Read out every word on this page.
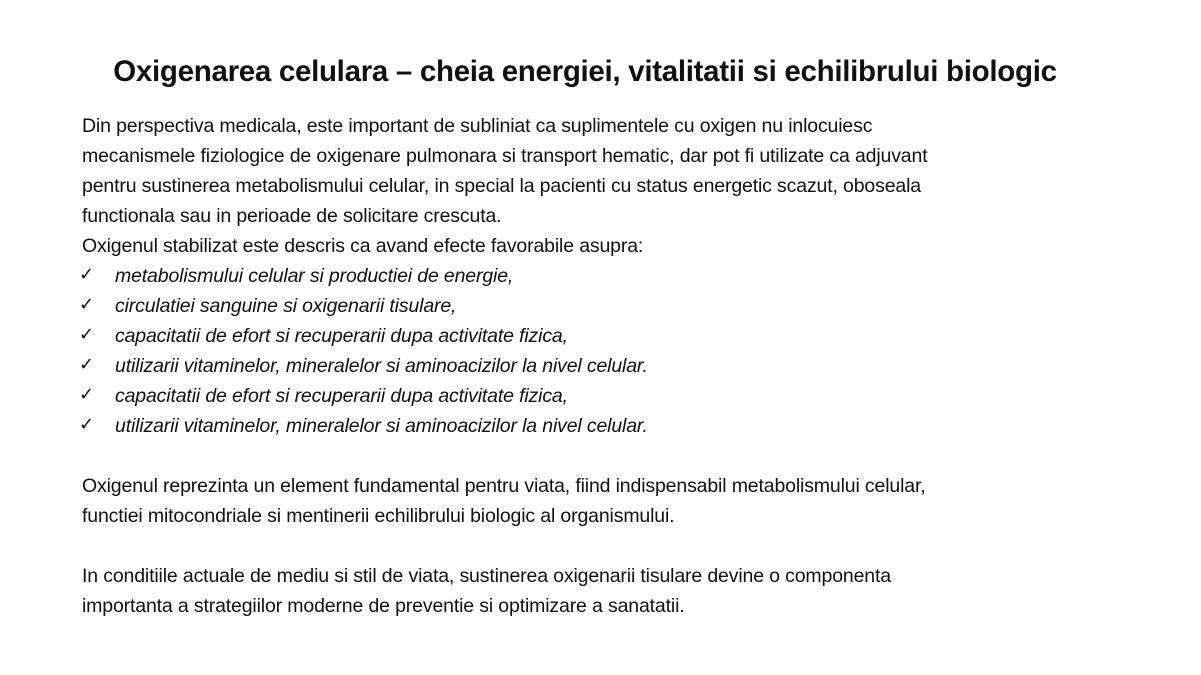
Oxigenarea celulara – cheia energiei, vitalitatii si echilibrului biologic

Din perspectiva medicala, este important de subliniat ca suplimentele cu oxigen nu inlocuiesc
mecanismele fiziologice de oxigenare pulmonara si transport hematic, dar pot fi utilizate ca adjuvant
pentru sustinerea metabolismului celular, in special la pacienti cu status energetic scazut, oboseala
functionala sau in perioade de solicitare crescuta.
Oxigenul stabilizat este descris ca avand efecte favorabile asupra:

✓ metabolismului celular si productiei de energie,
✓ circulatiei sanguine si oxigenarii tisulare,
✓ capacitatii de efort si recuperarii dupa activitate fizica,
✓ utilizarii vitaminelor, mineralelor si aminoacizilor la nivel celular.
✓ capacitatii de efort si recuperarii dupa activitate fizica,
✓ utilizarii vitaminelor, mineralelor si aminoacizilor la nivel celular.

Oxigenul reprezinta un element fundamental pentru viata, fiind indispensabil metabolismului celular,
functiei mitocondriale si mentinerii echilibrului biologic al organismului.

In conditiile actuale de mediu si stil de viata, sustinerea oxigenarii tisulare devine o componenta
importanta a strategiilor moderne de preventie si optimizare a sanatatii.
